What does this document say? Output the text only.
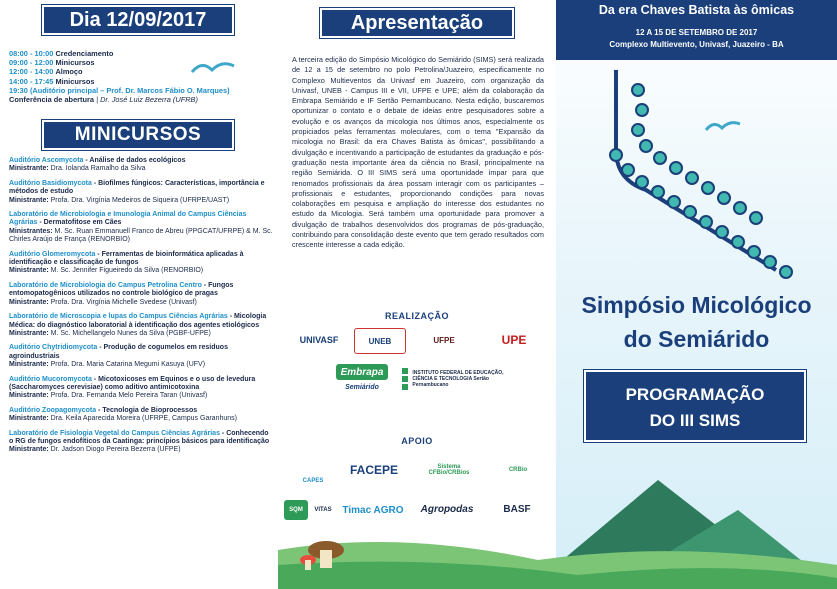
Dia 12/09/2017
08:00 - 10:00 Credenciamento
09:00 - 12:00 Minicursos
12:00 - 14:00 Almoço
14:00 - 17:45 Minicursos
19:30 (Auditório principal – Prof. Dr. Marcos Fábio O. Marques)
Conferência de abertura | Dr. José Luiz Bezerra (UFRB)
MINICURSOS
Auditório Ascomycota - Análise de dados ecológicos
Ministrante: Dra. Iolanda Ramalho da Silva
Auditório Basidiomycota - Biofilmes fúngicos: Características, importância e métodos de estudo
Ministrante: Profa. Dra. Virgínia Medeiros de Siqueira (UFRPE/UAST)
Laboratório de Microbiologia e Imunologia Animal do Campus Ciências Agrárias - Dermatofitose em Cães
Ministrantes: M. Sc. Ruan Emmanuell Franco de Abreu (PPGCAT/UFRPE) & M. Sc. Chirles Araújo de França (RENORBIO)
Auditório Glomeromycota - Ferramentas de bioinformática aplicadas à identificação e classificação de fungos
Ministrante: M. Sc. Jennifer Figueiredo da Silva (RENORBIO)
Laboratório de Microbiologia do Campus Petrolina Centro - Fungos entomopatogênicos utilizados no controle biológico de pragas
Ministrante: Profa. Dra. Virgínia Michelle Svedese (Univasf)
Laboratório de Microscopia e lupas do Campus Ciências Agrárias - Micologia Médica: do diagnóstico laboratorial à identificação dos agentes etiológicos
Ministrante: M. Sc. Michellangelo Nunes da Silva (PGBF-UFPE)
Auditório Chytridiomycota - Produção de cogumelos em resíduos agroindustriais
Ministrante: Profa. Dra. Maria Catarina Megumi Kasuya (UFV)
Auditório Mucoromycota - Micotoxicoses em Equinos e o uso de levedura (Saccharomyces cerevisiae) como aditivo antimicotoxina
Ministrante: Profa. Dra. Fernanda Melo Pereira Taran (Univasf)
Auditório Zoopagomycota - Tecnologia de Bioprocessos
Ministrante: Dra. Keila Aparecida Moreira (UFRPE, Campus Garanhuns)
Laboratório de Fisiologia Vegetal do Campus Ciências Agrárias - Conhecendo o RG de fungos endofíticos da Caatinga: princípios básicos para identificação
Ministrante: Dr. Jadson Diogo Pereira Bezerra (UFPE)
Apresentação
A terceira edição do Simpósio Micológico do Semiárido (SIMS) será realizada de 12 a 15 de setembro no polo Petrolina/Juazeiro, especificamente no Complexo Multieventos da Univasf em Juazeiro, com organização da Univasf, UNEB - Campus III e VII, UFPE e UPE; além da colaboração da Embrapa Semiárido e IF Sertão Pernambucano. Nesta edição, buscaremos oportunizar o contato e o debate de ideias entre pesquisadores sobre a evolução e os avanços da micologia nos últimos anos, especialmente os propiciados pelas ferramentas moleculares, com o tema "Expansão da micologia no Brasil: da era Chaves Batista às ômicas", possibilitando a divulgação e incentivando a participação de estudantes da graduação e pós-graduação nesta importante área da ciência no Brasil, principalmente na região Semiárida. O III SIMS será uma oportunidade ímpar para que renomados profissionais da área possam interagir com os participantes – profissionais e estudantes, proporcionando condições para novas colaborações em pesquisa e ampliação do interesse dos estudantes no estudo da Micologia. Será também uma oportunidade para promover a divulgação de trabalhos desenvolvidos dos programas de pós-graduação, contribuindo para consolidação deste evento que tem gerado resultados com crescente interesse a cada edição.
REALIZAÇÃO
UNIVASF	UNEB	UFPE	UPE
Embrapa
Semiárido
INSTITUTO FEDERAL DE EDUCAÇÃO, CIÊNCIA E TECNOLOGIA Sertão Pernambucano
APOIO
CAPES
FACEPE	Sistema CFBio/CRBios	CRBio
SQM	VITAS	Timac AGRO	Agropodas	BASF
Da era Chaves Batista às ômicas
12 A 15 DE SETEMBRO DE 2017
Complexo Multievento, Univasf, Juazeiro - BA
Simpósio Micológico
do Semiárido
PROGRAMAÇÃO
DO III SIMS
